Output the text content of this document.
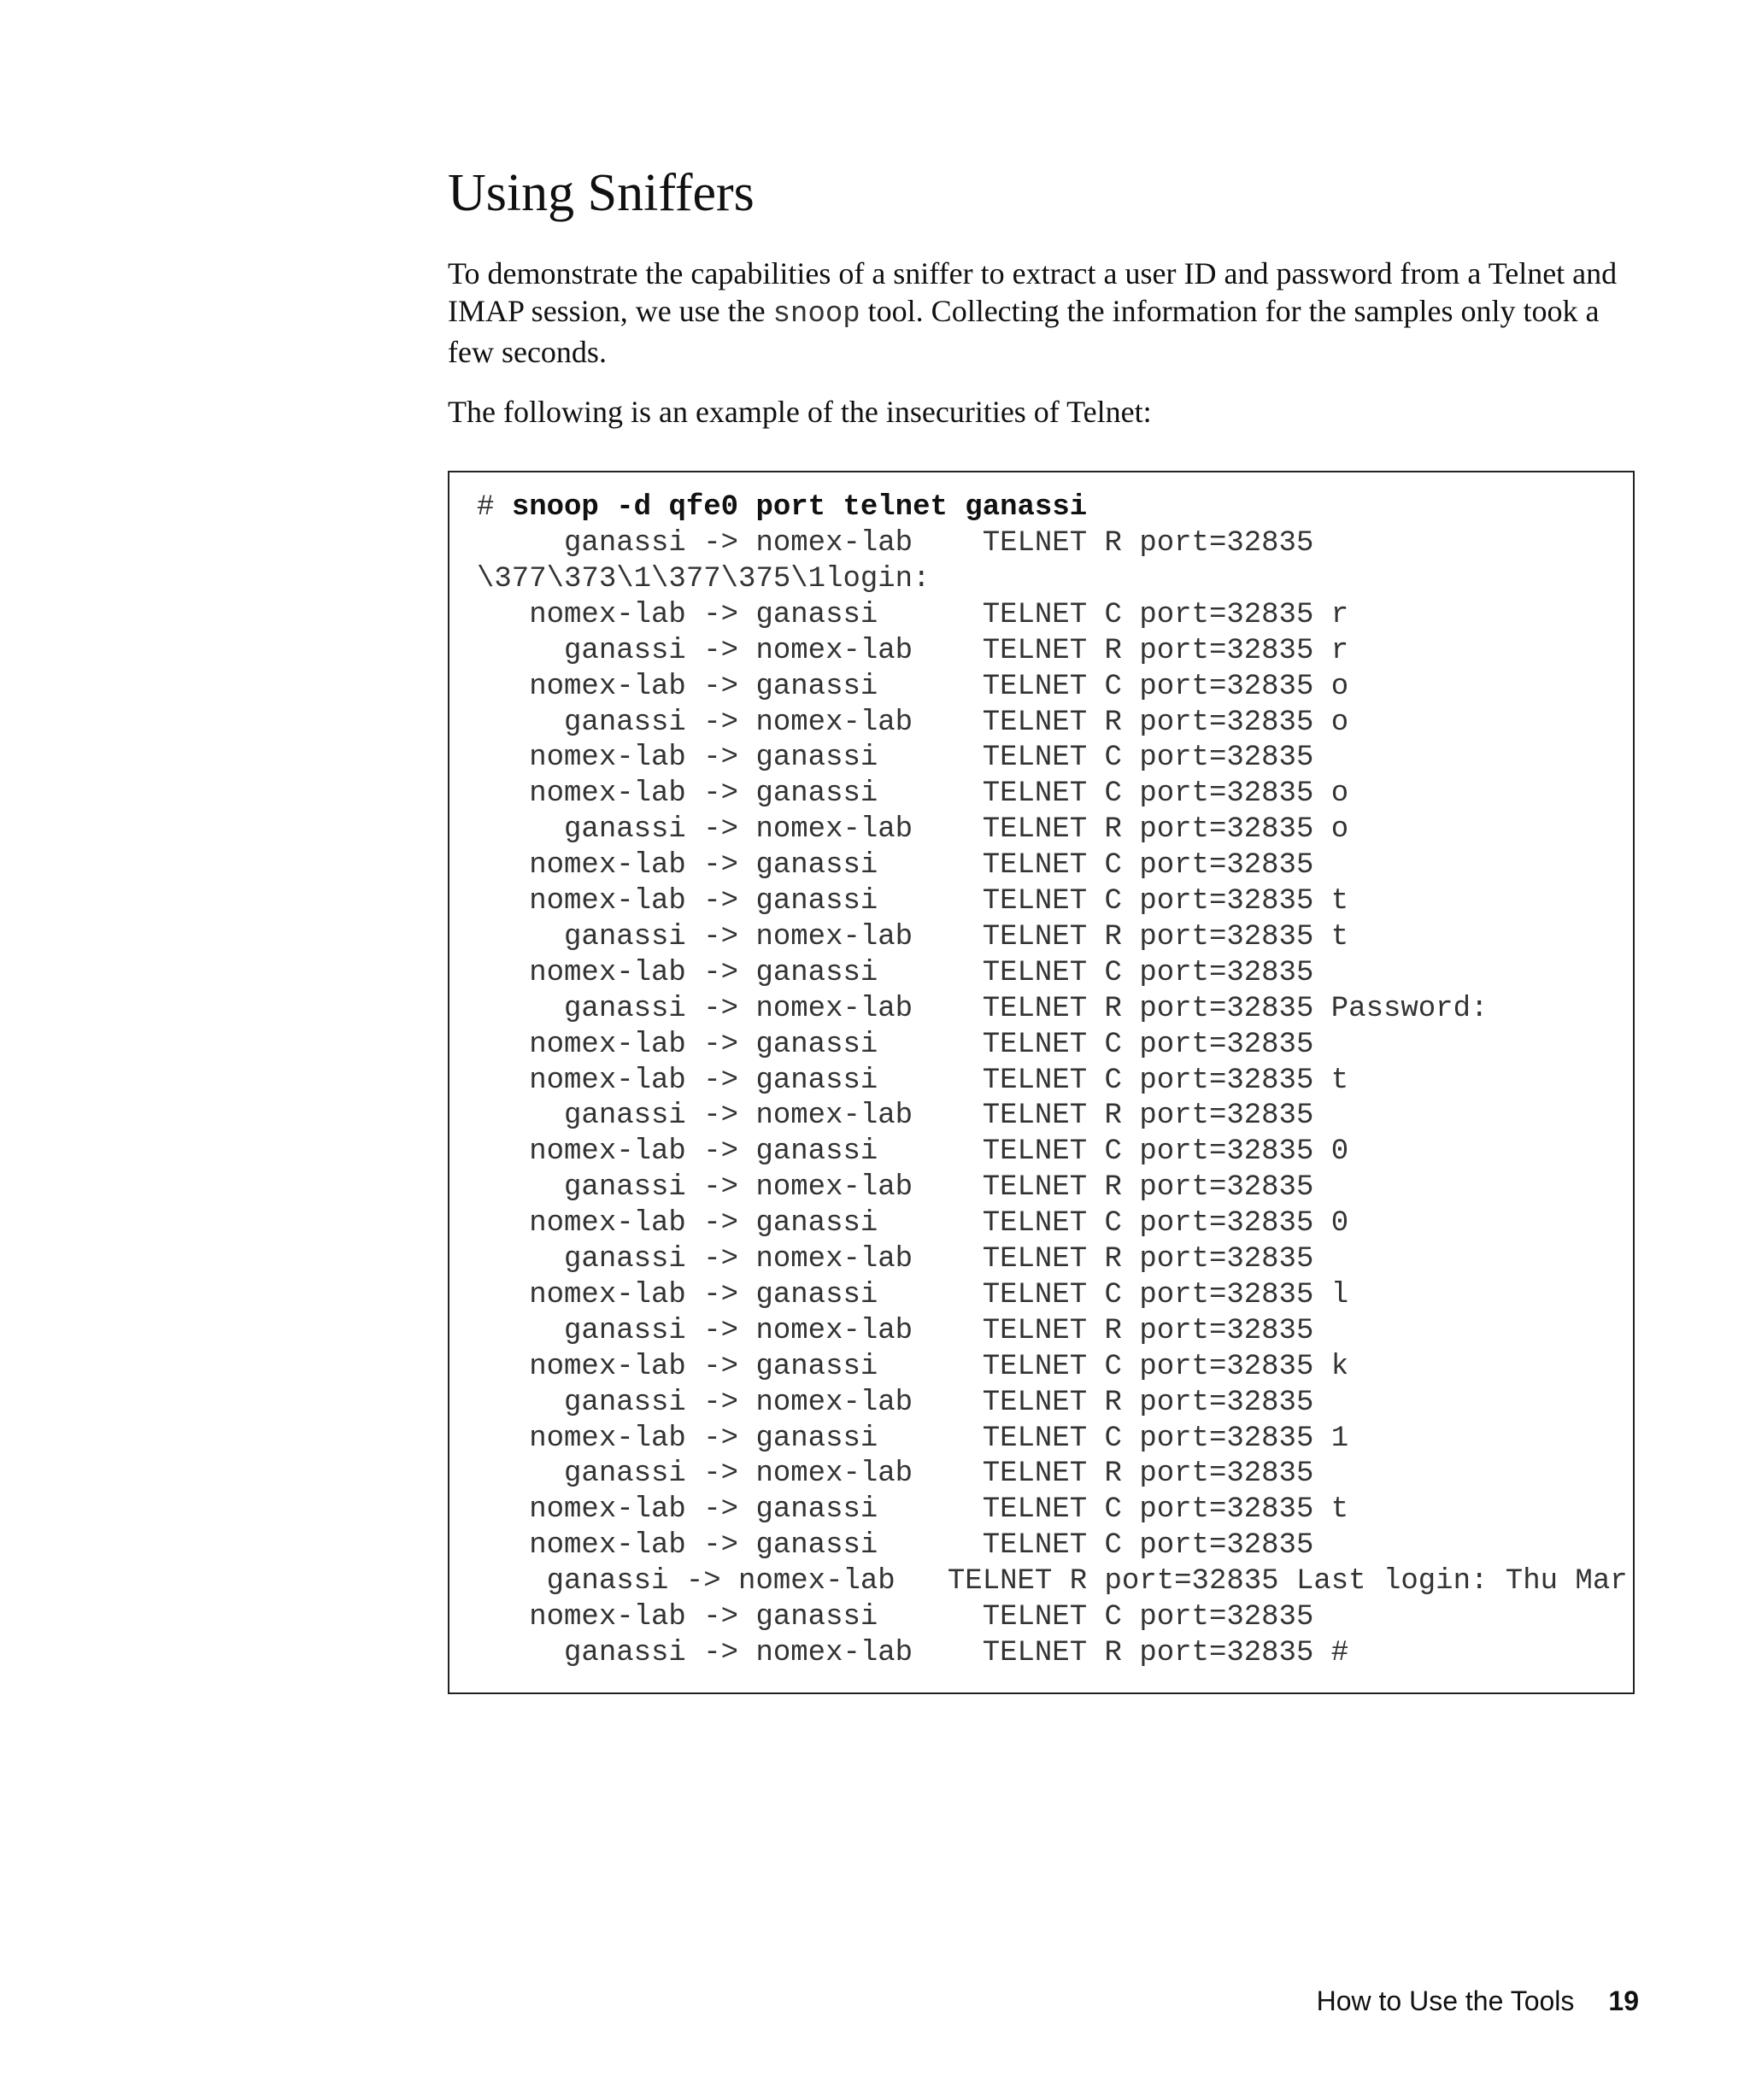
Using Sniffers

To demonstrate the capabilities of a sniffer to extract a user ID and password from a Telnet and IMAP session, we use the snoop tool. Collecting the information for the samples only took a few seconds.

The following is an example of the insecurities of Telnet:

# snoop -d qfe0 port telnet ganassi
ganassi -> nomex-lab    TELNET R port=32835
\377\373\1\377\375\1login:
nomex-lab -> ganassi      TELNET C port=32835 r
ganassi -> nomex-lab    TELNET R port=32835 r
nomex-lab -> ganassi      TELNET C port=32835 o
ganassi -> nomex-lab    TELNET R port=32835 o
nomex-lab -> ganassi      TELNET C port=32835
nomex-lab -> ganassi      TELNET C port=32835 o
ganassi -> nomex-lab    TELNET R port=32835 o
nomex-lab -> ganassi      TELNET C port=32835
nomex-lab -> ganassi      TELNET C port=32835 t
ganassi -> nomex-lab    TELNET R port=32835 t
nomex-lab -> ganassi      TELNET C port=32835
ganassi -> nomex-lab    TELNET R port=32835 Password:
nomex-lab -> ganassi      TELNET C port=32835
nomex-lab -> ganassi      TELNET C port=32835 t
ganassi -> nomex-lab    TELNET R port=32835
nomex-lab -> ganassi      TELNET C port=32835 0
ganassi -> nomex-lab    TELNET R port=32835
nomex-lab -> ganassi      TELNET C port=32835 0
ganassi -> nomex-lab    TELNET R port=32835
nomex-lab -> ganassi      TELNET C port=32835 l
ganassi -> nomex-lab    TELNET R port=32835
nomex-lab -> ganassi      TELNET C port=32835 k
ganassi -> nomex-lab    TELNET R port=32835
nomex-lab -> ganassi      TELNET C port=32835 1
ganassi -> nomex-lab    TELNET R port=32835
nomex-lab -> ganassi      TELNET C port=32835 t
nomex-lab -> ganassi      TELNET C port=32835
ganassi -> nomex-lab   TELNET R port=32835 Last login: Thu Mar
nomex-lab -> ganassi      TELNET C port=32835
ganassi -> nomex-lab    TELNET R port=32835 #
How to Use the Tools 19
